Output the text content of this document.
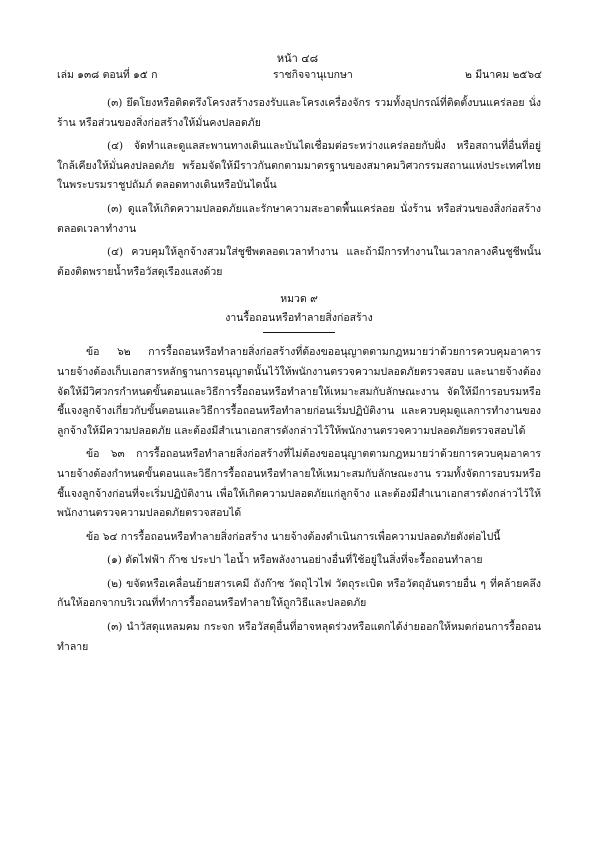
หน้า ๔๘
เล่ม ๑๓๘ ตอนที่ ๑๕ ก	ราชกิจจานุเบกษา	๒ มีนาคม ๒๕๖๔

(๓) ยึดโยงหรือติดตรึงโครงสร้างรองรับและโครงเครื่องจักร รวมทั้งอุปกรณ์ที่ติดตั้งบนแคร่ลอย นั่งร้าน หรือส่วนของสิ่งก่อสร้างให้มั่นคงปลอดภัย

(๔) จัดทำและดูแลสะพานทางเดินและบันไดเชื่อมต่อระหว่างแคร่ลอยกับฝั่ง หรือสถานที่อื่นที่อยู่ใกล้เคียงให้มั่นคงปลอดภัย พร้อมจัดให้มีราวกันตกตามมาตรฐานของสมาคมวิศวกรรมสถานแห่งประเทศไทย ในพระบรมราชูปถัมภ์ ตลอดทางเดินหรือบันไดนั้น

(๓) ดูแลให้เกิดความปลอดภัยและรักษาความสะอาดพื้นแคร่ลอย นั่งร้าน หรือส่วนของสิ่งก่อสร้างตลอดเวลาทำงาน

(๔) ควบคุมให้ลูกจ้างสวมใส่ชูชีพตลอดเวลาทำงาน และถ้ามีการทำงานในเวลากลางคืนชูชีพนั้นต้องติดพรายน้ำหรือวัสดุเรืองแสงด้วย

หมวด ๙
งานรื้อถอนหรือทำลายสิ่งก่อสร้าง

ข้อ ๖๒ การรื้อถอนหรือทำลายสิ่งก่อสร้างที่ต้องขออนุญาตตามกฎหมายว่าด้วยการควบคุมอาคาร นายจ้างต้องเก็บเอกสารหลักฐานการอนุญาตนั้นไว้ให้พนักงานตรวจความปลอดภัยตรวจสอบ และนายจ้างต้องจัดให้มีวิศวกรกำหนดขั้นตอนและวิธีการรื้อถอนหรือทำลายให้เหมาะสมกับลักษณะงาน จัดให้มีการอบรมหรือชี้แจงลูกจ้างเกี่ยวกับขั้นตอนและวิธีการรื้อถอนหรือทำลายก่อนเริ่มปฏิบัติงาน และควบคุมดูแลการทำงานของลูกจ้างให้มีความปลอดภัย และต้องมีสำเนาเอกสารดังกล่าวไว้ให้พนักงานตรวจความปลอดภัยตรวจสอบได้

ข้อ ๖๓ การรื้อถอนหรือทำลายสิ่งก่อสร้างที่ไม่ต้องขออนุญาตตามกฎหมายว่าด้วยการควบคุมอาคาร นายจ้างต้องกำหนดขั้นตอนและวิธีการรื้อถอนหรือทำลายให้เหมาะสมกับลักษณะงาน รวมทั้งจัดการอบรมหรือชี้แจงลูกจ้างก่อนที่จะเริ่มปฏิบัติงาน เพื่อให้เกิดความปลอดภัยแก่ลูกจ้าง และต้องมีสำเนาเอกสารดังกล่าวไว้ให้พนักงานตรวจความปลอดภัยตรวจสอบได้

ข้อ ๖๔ การรื้อถอนหรือทำลายสิ่งก่อสร้าง นายจ้างต้องดำเนินการเพื่อความปลอดภัยดังต่อไปนี้

(๑) ตัดไฟฟ้า ก๊าซ ประปา ไอน้ำ หรือพลังงานอย่างอื่นที่ใช้อยู่ในสิ่งที่จะรื้อถอนทำลาย

(๒) ขจัดหรือเคลื่อนย้ายสารเคมี ถังก๊าซ วัตถุไวไฟ วัตถุระเบิด หรือวัตถุอันตรายอื่น ๆ ที่คล้ายคลึงกันให้ออกจากบริเวณที่ทำการรื้อถอนหรือทำลายให้ถูกวิธีและปลอดภัย

(๓) นำวัสดุแหลมคม กระจก หรือวัสดุอื่นที่อาจหลุดร่วงหรือแตกได้ง่ายออกให้หมดก่อนการรื้อถอนทำลาย
